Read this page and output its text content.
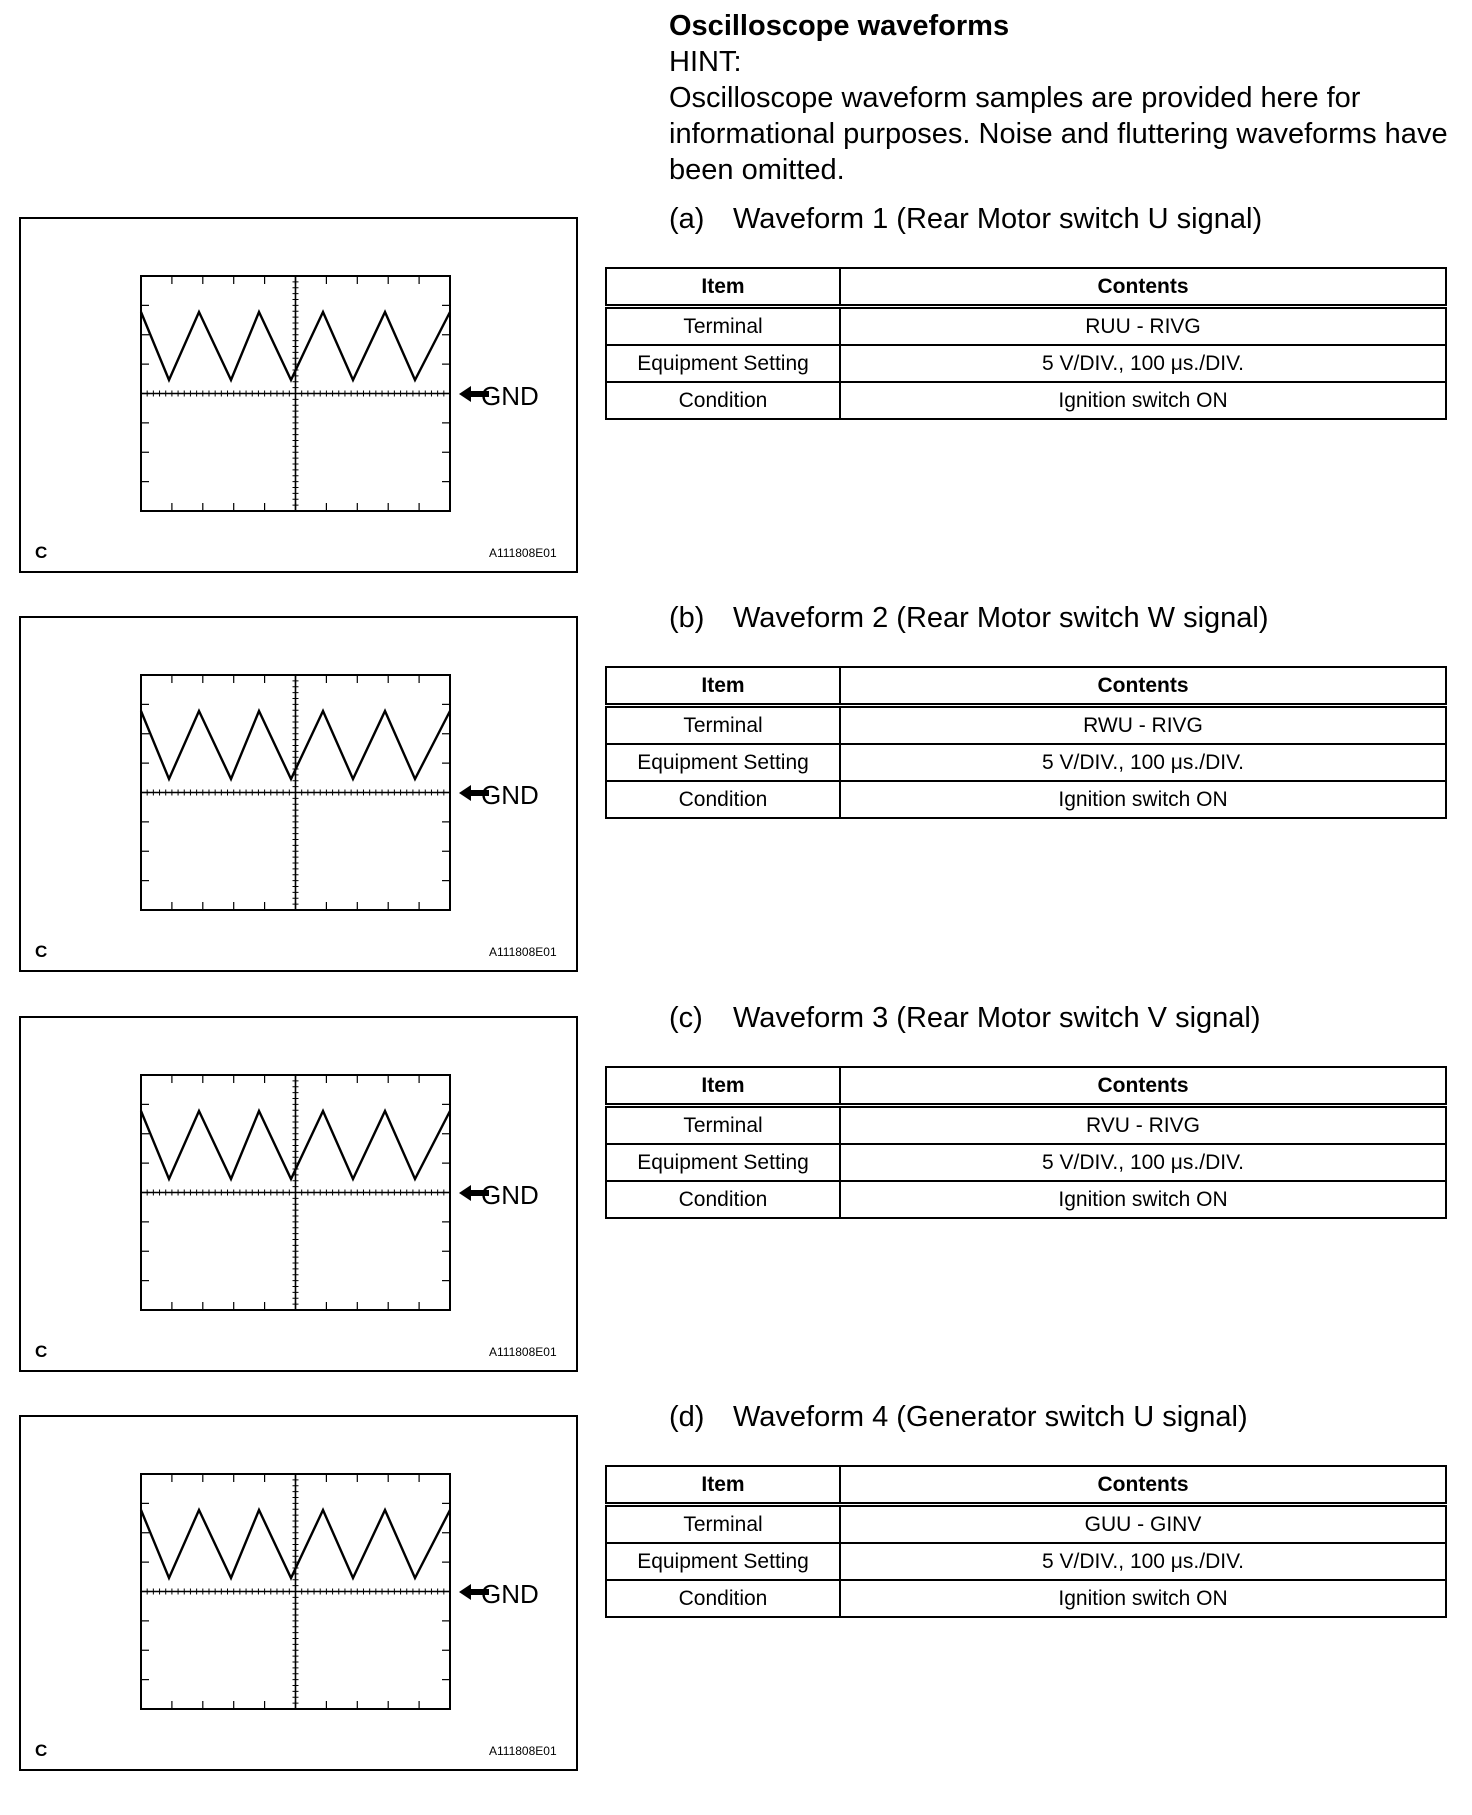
Oscilloscope waveforms
HINT:
Oscilloscope waveform samples are provided here for informational purposes. Noise and fluttering waveforms have been omitted.
GND
C	A111808E01
(a) Waveform 1 (Rear Motor switch U signal)
Item	Contents
Terminal	RUU - RIVG
Equipment Setting	5 V/DIV., 100 μs./DIV.
Condition	Ignition switch ON
GND
C	A111808E01
(b) Waveform 2 (Rear Motor switch W signal)
Item	Contents
Terminal	RWU - RIVG
Equipment Setting	5 V/DIV., 100 μs./DIV.
Condition	Ignition switch ON
GND
C	A111808E01
(c) Waveform 3 (Rear Motor switch V signal)
Item	Contents
Terminal	RVU - RIVG
Equipment Setting	5 V/DIV., 100 μs./DIV.
Condition	Ignition switch ON
GND
C	A111808E01
(d) Waveform 4 (Generator switch U signal)
Item	Contents
Terminal	GUU - GINV
Equipment Setting	5 V/DIV., 100 μs./DIV.
Condition	Ignition switch ON
